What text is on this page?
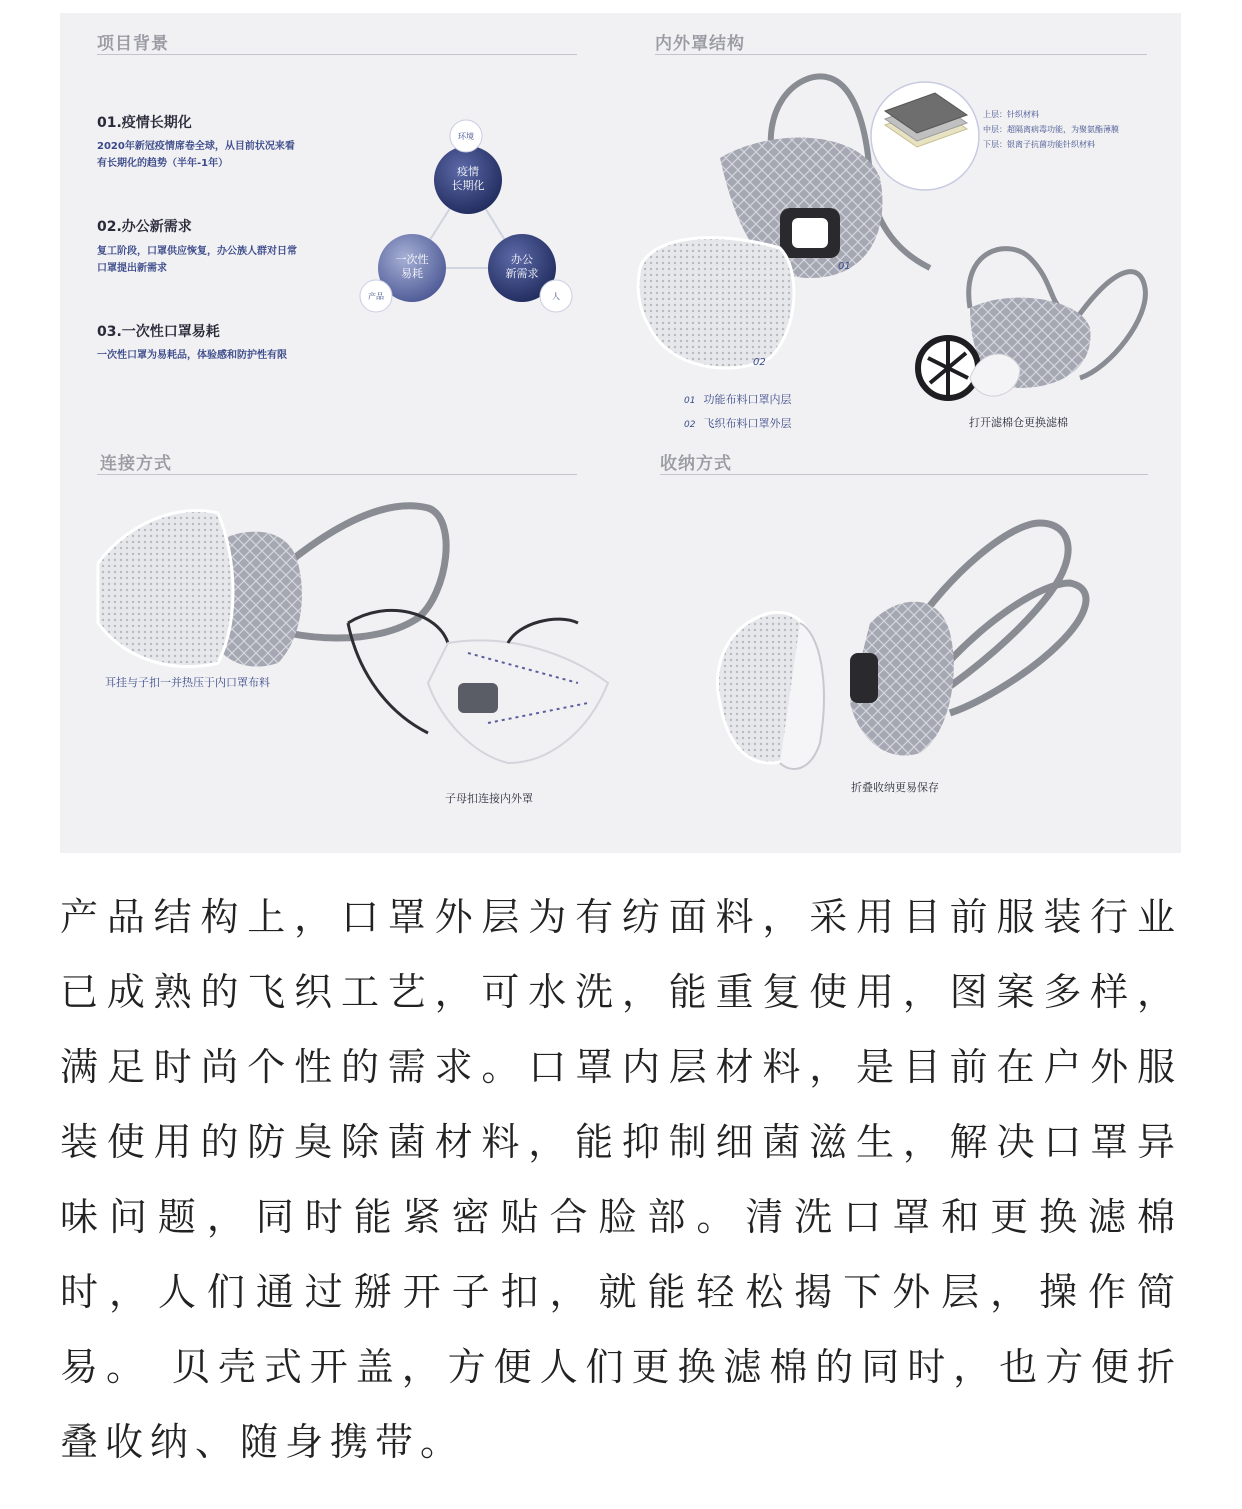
项目背景
01.疫情长期化
2020年新冠疫情席卷全球，从目前状况来看
有长期化的趋势（半年-1年）
02.办公新需求
复工阶段，口罩供应恢复，办公族人群对日常
口罩提出新需求
03.一次性口罩易耗
一次性口罩为易耗品，体验感和防护性有限
疫情
长期化
一次性
易耗
办公
新需求
环境
产品	人
内外罩结构
上层：针织材料
中层：超隔离病毒功能，为聚氨酯薄膜
下层：银离子抗菌功能针织材料
01
02
01 功能布料口罩内层
02 飞织布料口罩外层	打开滤棉仓更换滤棉
连接方式
耳挂与子扣一并热压于内口罩布料
子母扣连接内外罩
收纳方式
折叠收纳更易保存

产品结构上，口罩外层为有纺面料，采用目前服装行业已成熟的飞织工艺，可水洗，能重复使用，图案多样，满足时尚个性的需求。口罩内层材料，是目前在户外服装使用的防臭除菌材料，能抑制细菌滋生，解决口罩异味问题，同时能紧密贴合脸部。清洗口罩和更换滤棉时，人们通过掰开子扣，就能轻松揭下外层，操作简易。 贝壳式开盖，方便人们更换滤棉的同时，也方便折叠收纳、随身携带。
